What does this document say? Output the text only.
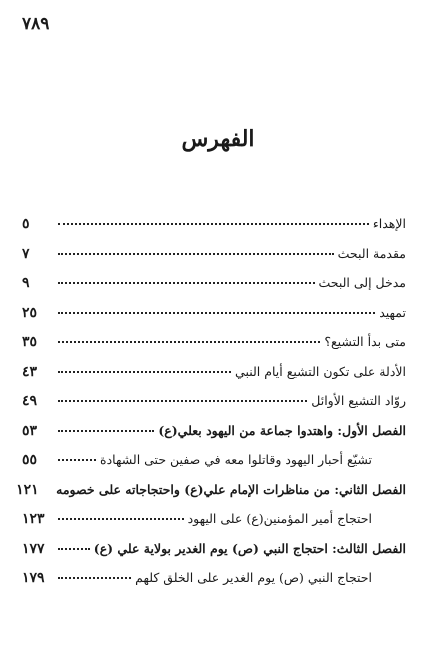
٧٨٩
الفهرس
الإهداء
٥
مقدمة البحث
٧
مدخل إلى البحث
٩
تمهيد
٢٥
متى بدأ التشيع؟
٣٥
الأدلة على تكون التشيع أيام النبي
٤٣
روّاد التشيع الأوائل
٤٩
الفصل الأول: واهتدوا جماعة من اليهود بعلي(ع)
٥٣
تشيّع أحبار اليهود وقاتلوا معه في صفين حتى الشهادة
٥٥
الفصل الثاني: من مناظرات الإمام علي(ع) واحتجاجاته على خصومه
١٢١
احتجاج أمير المؤمنين(ع) على اليهود
١٢٣
الفصل الثالث: احتجاج النبي (ص) يوم الغدير بولاية علي (ع)
١٧٧
احتجاج النبي (ص) يوم الغدير على الخلق كلهم
١٧٩
